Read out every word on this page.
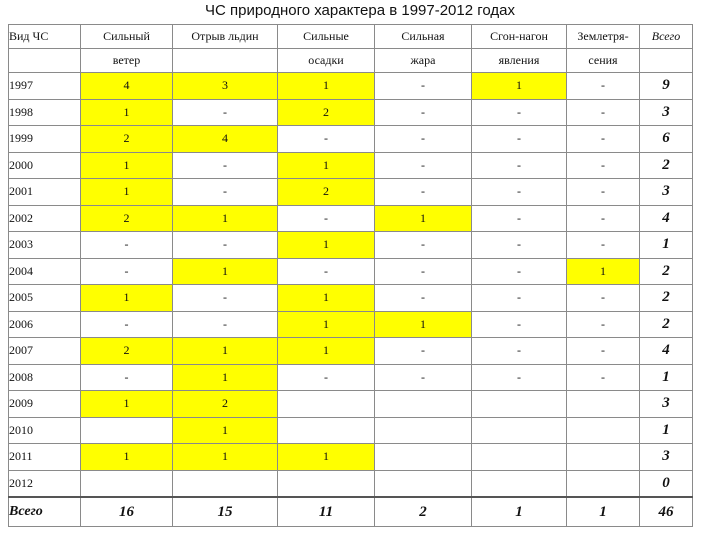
ЧС природного характера в 1997-2012 годах
Вид ЧС	Сильный	Отрыв льдин	Сильные	Сильная	Сгон-нагон	Землетря-	Всего
	ветер		осадки	жара	явления	сения	
1997	4	3	1	-	1	-	9
1998	1	-	2	-	-	-	3
1999	2	4	-	-	-	-	6
2000	1	-	1	-	-	-	2
2001	1	-	2	-	-	-	3
2002	2	1	-	1	-	-	4
2003	-	-	1	-	-	-	1
2004	-	1	-	-	-	1	2
2005	1	-	1	-	-	-	2
2006	-	-	1	1	-	-	2
2007	2	1	1	-	-	-	4
2008	-	1	-	-	-	-	1
2009	1	2					3
2010		1					1
2011	1	1	1				3
2012							0
Всего	16	15	11	2	1	1	46
